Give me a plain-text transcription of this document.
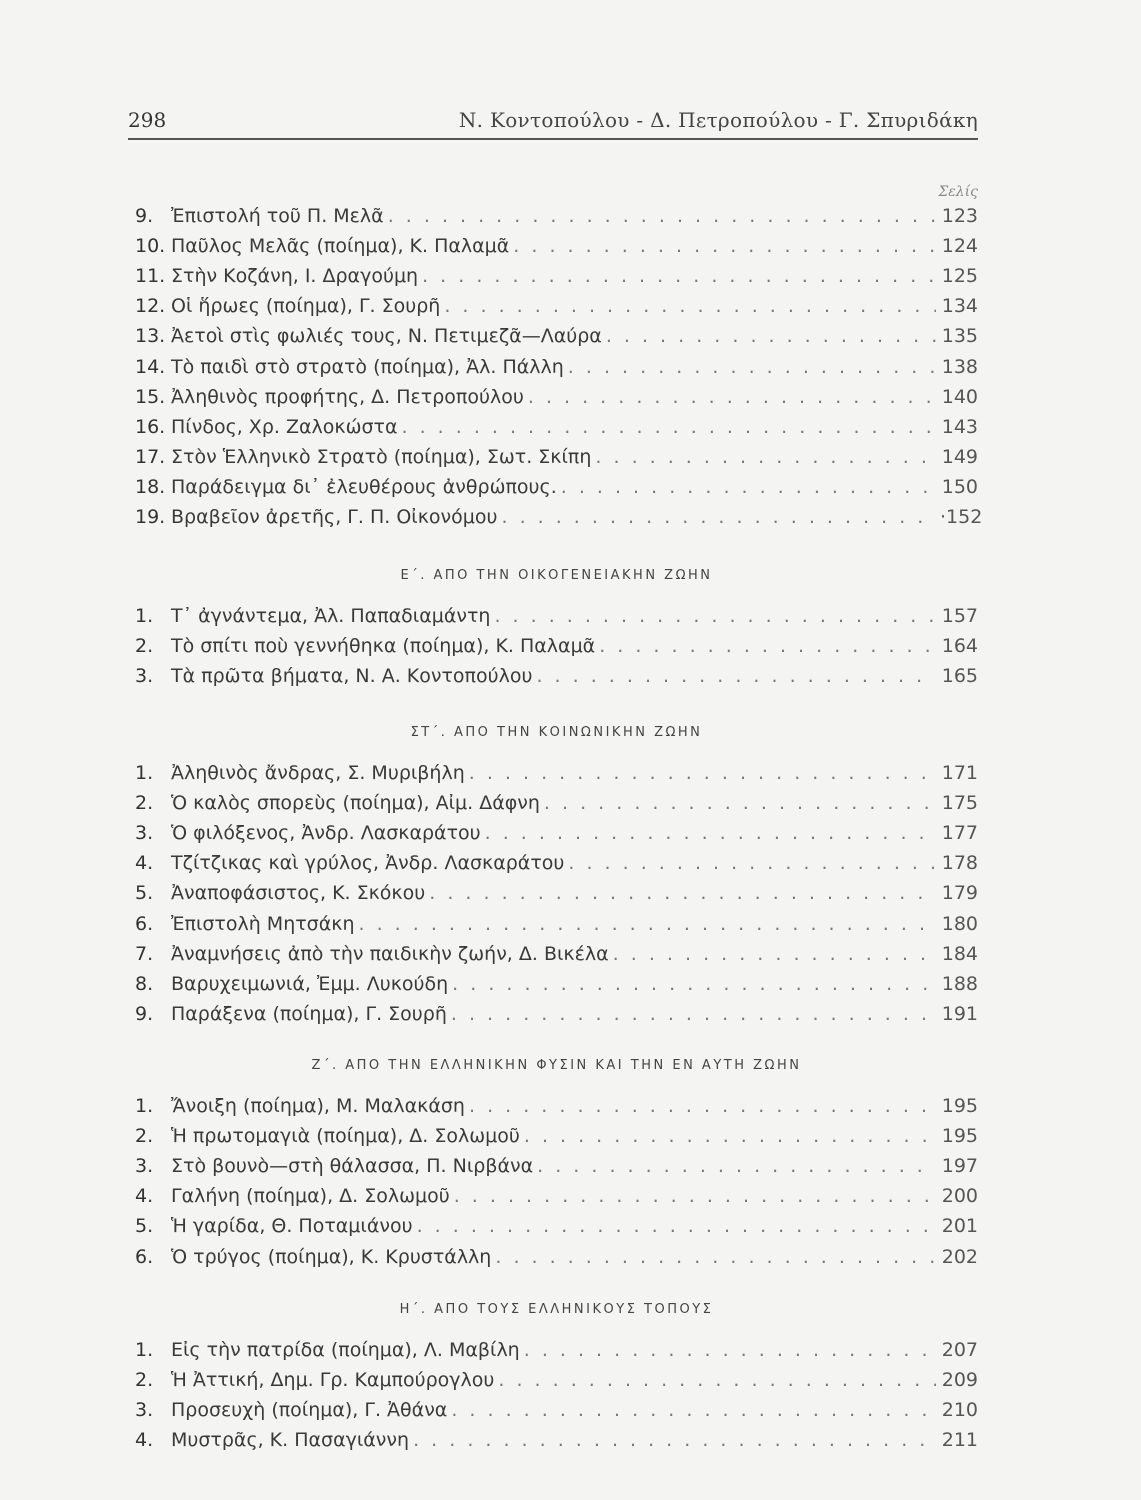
298	Ν. Κοντοπούλου - Δ. Πετροπούλου - Γ. Σπυριδάκη
Σελίς
9. Ἐπιστολή τοῦ Π. Μελᾶ . . .	123
10. Παῦλος Μελᾶς (ποίημα), Κ. Παλαμᾶ . . .	124
11. Στὴν Κοζάνη, Ι. Δραγούμη . . .	125
12. Οἱ ἥρωες (ποίημα), Γ. Σουρῆ . . .	134
13. Ἀετοὶ στὶς φωλιές τους, Ν. Πετιμεζᾶ—Λαύρα . . .	135
14. Τὸ παιδὶ στὸ στρατὸ (ποίημα), Ἀλ. Πάλλη . . .	138
15. Ἀληθινὸς προφήτης, Δ. Πετροπούλου . . .	140
16. Πίνδος, Χρ. Ζαλοκώστα . . .	143
17. Στὸν Ἑλληνικὸ Στρατὸ (ποίημα), Σωτ. Σκίπη . . .	149
18. Παράδειγμα δι᾿ ἐλευθέρους ἀνθρώπους. . . .	150
19. Βραβεῖον ἀρετῆς, Γ. Π. Οἰκονόμου . . .	·152
Ε΄. ΑΠΟ ΤΗΝ ΟΙΚΟΓΕΝΕΙΑΚΗΝ ΖΩΗΝ
1. Τ᾿ ἀγνάντεμα, Ἀλ. Παπαδιαμάντη . . .	157
2. Τὸ σπίτι ποὺ γεννήθηκα (ποίημα), Κ. Παλαμᾶ . . .	164
3. Τὰ πρῶτα βήματα, Ν. Α. Κοντοπούλου . . .	165
ΣΤ΄. ΑΠΟ ΤΗΝ ΚΟΙΝΩΝΙΚΗΝ ΖΩΗΝ
1. Ἀληθινὸς ἄνδρας, Σ. Μυριβήλη . . .	171
2. Ὁ καλὸς σπορεὺς (ποίημα), Αἰμ. Δάφνη . . .	175
3. Ὁ φιλόξενος, Ἀνδρ. Λασκαράτου . . .	177
4. Τζίτζικας καὶ γρύλος, Ἀνδρ. Λασκαράτου . . .	178
5. Ἀναποφάσιστος, Κ. Σκόκου . . .	179
6. Ἐπιστολὴ Μητσάκη . . .	180
7. Ἀναμνήσεις ἀπὸ τὴν παιδικὴν ζωήν, Δ. Βικέλα . . .	184
8. Βαρυχειμωνιά, Ἐμμ. Λυκούδη . . .	188
9. Παράξενα (ποίημα), Γ. Σουρῆ . . .	191
Ζ΄. ΑΠΟ ΤΗΝ ΕΛΛΗΝΙΚΗΝ ΦΥΣΙΝ ΚΑΙ ΤΗΝ ΕΝ ΑΥΤΗ ΖΩΗΝ
1. Ἄνοιξη (ποίημα), Μ. Μαλακάση . . .	195
2. Ἡ πρωτομαγιὰ (ποίημα), Δ. Σολωμοῦ . . .	195
3. Στὸ βουνὸ—στὴ θάλασσα, Π. Νιρβάνα . . .	197
4. Γαλήνη (ποίημα), Δ. Σολωμοῦ . . .	200
5. Ἡ γαρίδα, Θ. Ποταμιάνου . . .	201
6. Ὁ τρύγος (ποίημα), Κ. Κρυστάλλη . . .	202
Η΄. ΑΠΟ ΤΟΥΣ ΕΛΛΗΝΙΚΟΥΣ ΤΟΠΟΥΣ
1. Εἰς τὴν πατρίδα (ποίημα), Λ. Μαβίλη . . .	207
2. Ἡ Ἀττική, Δημ. Γρ. Καμπούρογλου . . .	209
3. Προσευχὴ (ποίημα), Γ. Ἀθάνα . . .	210
4. Μυστρᾶς, Κ. Πασαγιάννη . . .	211
